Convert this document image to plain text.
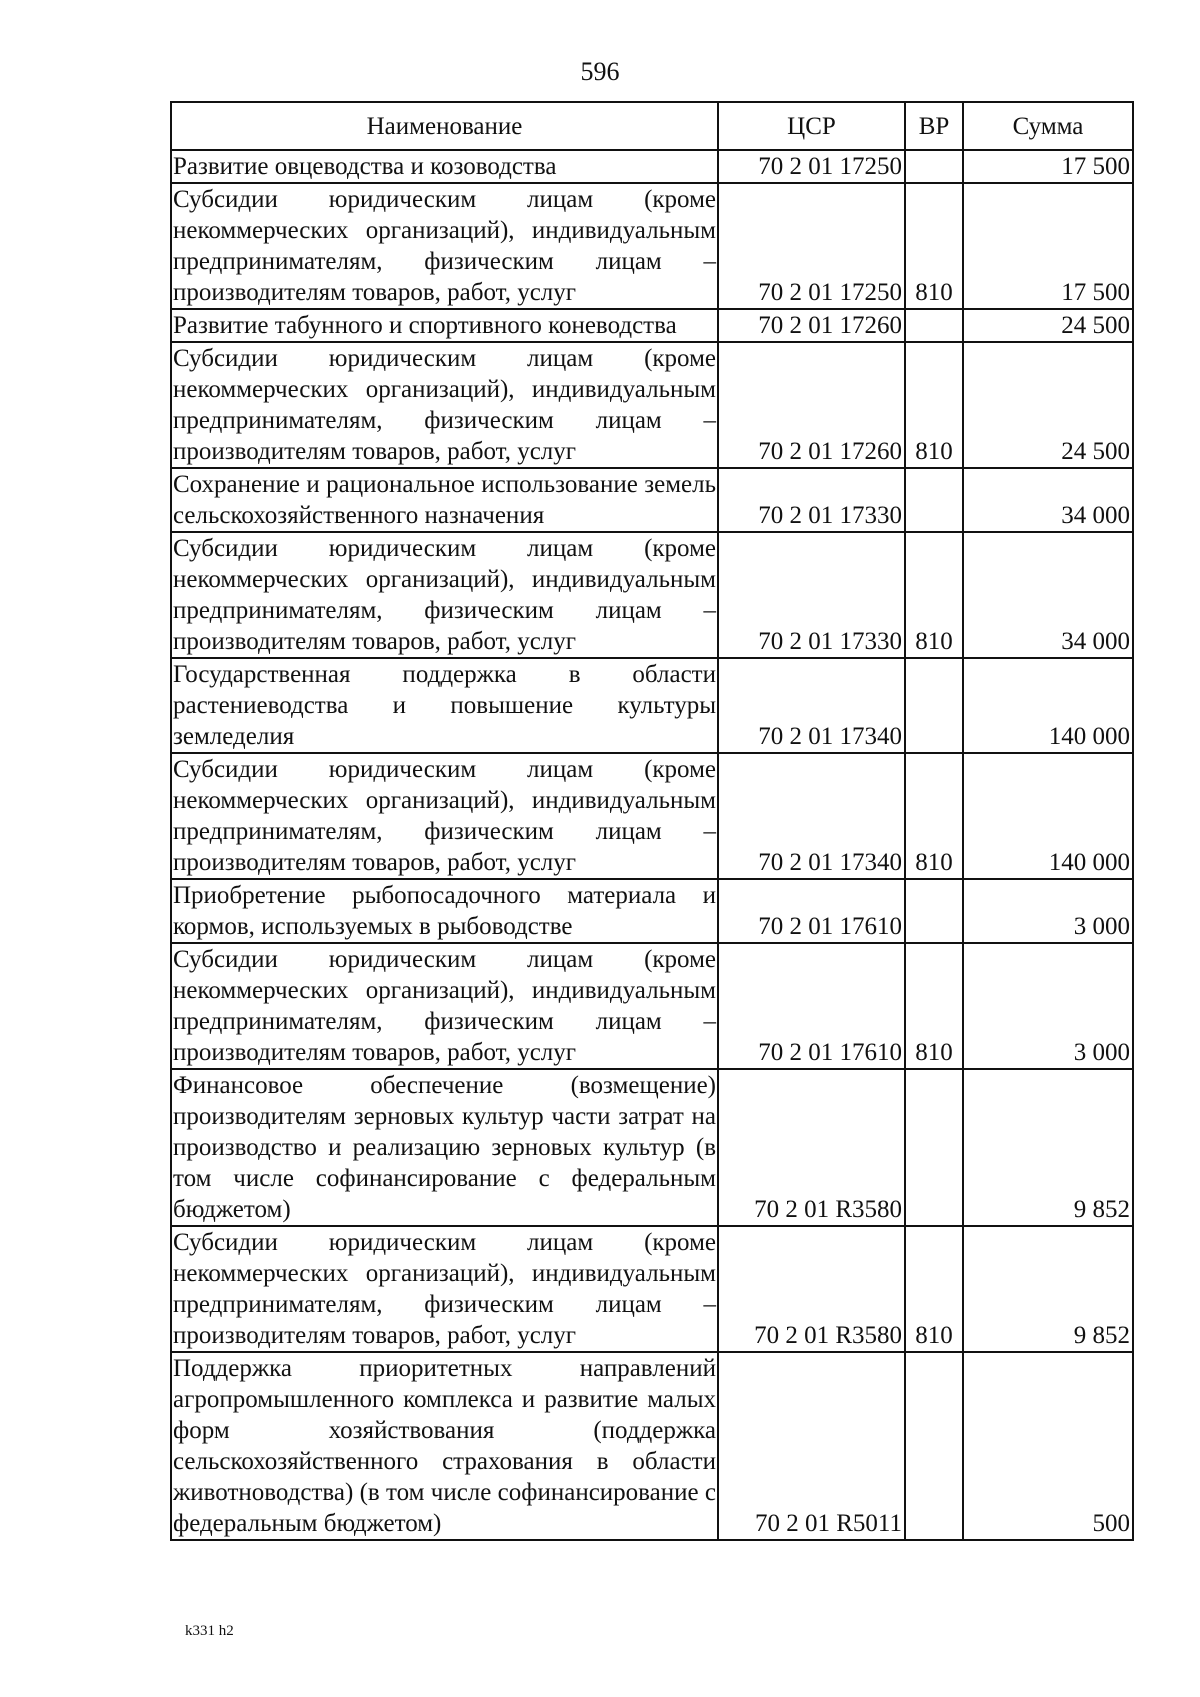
596
Наименование	ЦСР	ВР	Сумма
Развитие овцеводства и козоводства	70 2 01 17250		17 500
Субсидии юридическим лицам (кроме некоммерческих организаций), индивидуальным предпринимателям, физическим лицам – производителям товаров, работ, услуг	70 2 01 17250	810	17 500
Развитие табунного и спортивного коневодства	70 2 01 17260		24 500
Субсидии юридическим лицам (кроме некоммерческих организаций), индивидуальным предпринимателям, физическим лицам – производителям товаров, работ, услуг	70 2 01 17260	810	24 500
Сохранение и рациональное использование земель сельскохозяйственного назначения	70 2 01 17330		34 000
Субсидии юридическим лицам (кроме некоммерческих организаций), индивидуальным предпринимателям, физическим лицам – производителям товаров, работ, услуг	70 2 01 17330	810	34 000
Государственная поддержка в области растениеводства и повышение культуры земледелия	70 2 01 17340		140 000
Субсидии юридическим лицам (кроме некоммерческих организаций), индивидуальным предпринимателям, физическим лицам – производителям товаров, работ, услуг	70 2 01 17340	810	140 000
Приобретение рыбопосадочного материала и кормов, используемых в рыбоводстве	70 2 01 17610		3 000
Субсидии юридическим лицам (кроме некоммерческих организаций), индивидуальным предпринимателям, физическим лицам – производителям товаров, работ, услуг	70 2 01 17610	810	3 000
Финансовое обеспечение (возмещение) производителям зерновых культур части затрат на производство и реализацию зерновых культур (в том числе софинансирование с федеральным бюджетом)	70 2 01 R3580		9 852
Субсидии юридическим лицам (кроме некоммерческих организаций), индивидуальным предпринимателям, физическим лицам – производителям товаров, работ, услуг	70 2 01 R3580	810	9 852
Поддержка приоритетных направлений агропромышленного комплекса и развитие малых форм хозяйствования (поддержка сельскохозяйственного страхования в области животноводства) (в том числе софинансирование с федеральным бюджетом)	70 2 01 R5011		500
k331 h2
